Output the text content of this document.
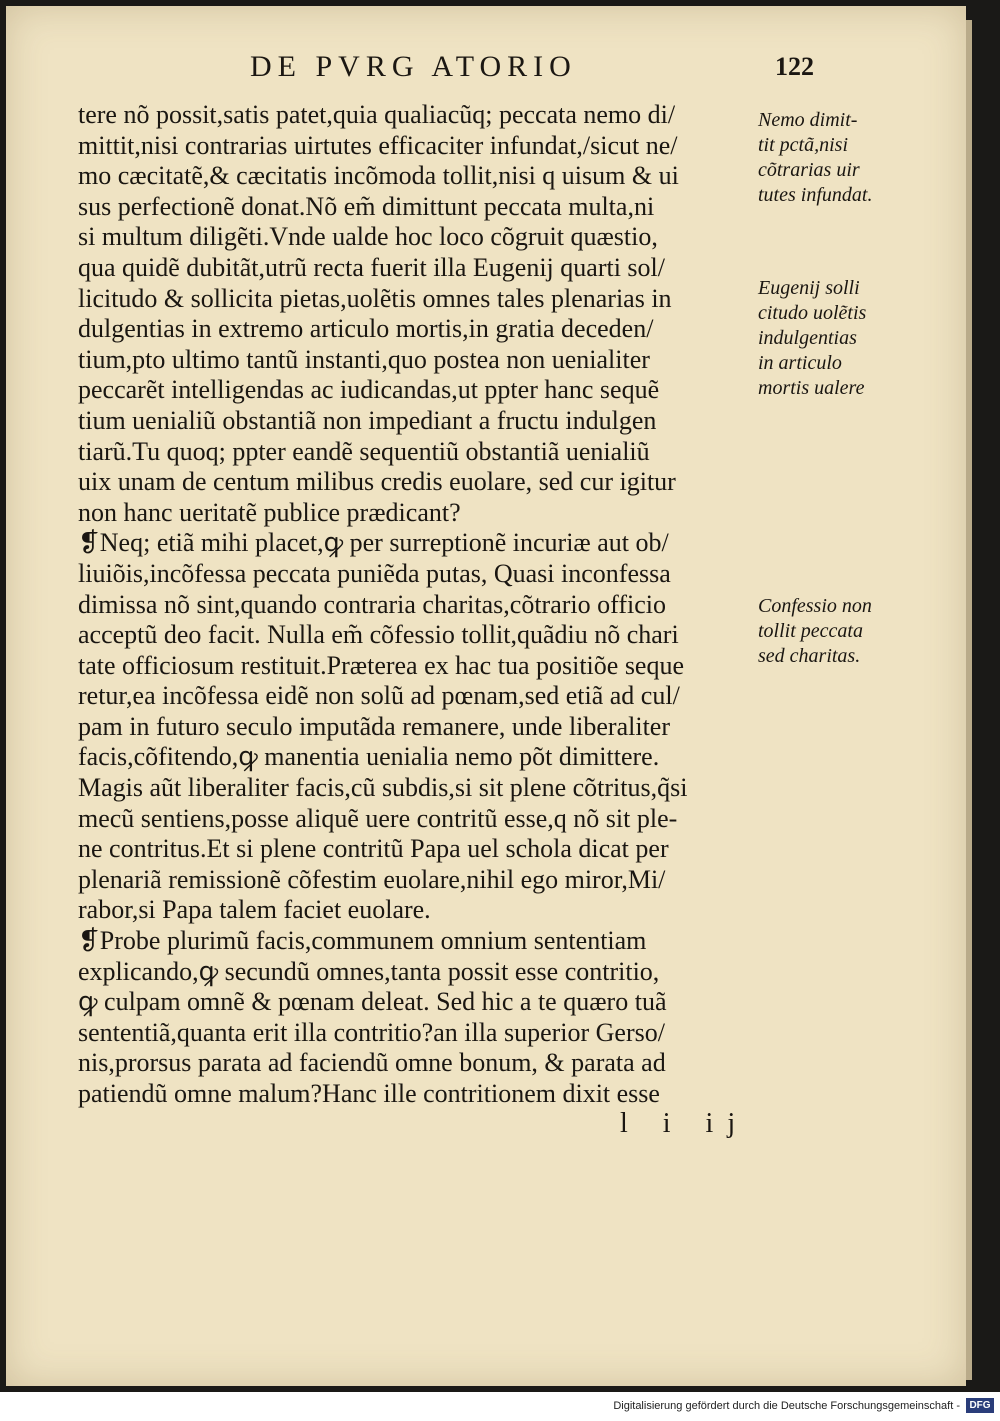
DE PVRG ATORIO	122
tere nõ possit,satis patet,quia qualiacũq; peccata nemo di/
mittit,nisi contrarias uirtutes efficaciter infundat,/sicut ne/
mo cæcitatẽ,& cæcitatis incõmoda tollit,nisi q uisum & ui
sus perfectionẽ donat.Nõ em̃ dimittunt peccata multa,ni
si multum diligẽti.Vnde ualde hoc loco cõgruit quæstio,
qua quidẽ dubitãt,utrũ recta fuerit illa Eugenij quarti sol/
licitudo & sollicita pietas,uolẽtis omnes tales plenarias in
dulgentias in extremo articulo mortis,in gratia deceden/
tium,pto ultimo tantũ instanti,quo postea non uenialiter
peccarẽt intelligendas ac iudicandas,ut ppter hanc sequẽ
tium uenialiũ obstantiã non impediant a fructu indulgen
tiarũ.Tu quoq; ppter eandẽ sequentiũ obstantiã uenialiũ
uix unam de centum milibus credis euolare, sed cur igitur
non hanc ueritatẽ publice prædicant?
❡Neq; etiã mihi placet,ꝙ per surreptionẽ incuriæ aut ob/
liuiõis,incõfessa peccata puniẽda putas, Quasi inconfessa
dimissa nõ sint,quando contraria charitas,cõtrario officio
acceptũ deo facit. Nulla em̃ cõfessio tollit,quãdiu nõ chari
tate officiosum restituit.Præterea ex hac tua positiõe seque
retur,ea incõfessa eidẽ non solũ ad pœnam,sed etiã ad cul/
pam in futuro seculo imputãda remanere, unde liberaliter
facis,cõfitendo,ꝙ manentia uenialia nemo põt dimittere.
Magis aũt liberaliter facis,cũ subdis,si sit plene cõtritus,q̃si
mecũ sentiens,posse aliquẽ uere contritũ esse,q nõ sit ple-
ne contritus.Et si plene contritũ Papa uel schola dicat per
plenariã remissionẽ cõfestim euolare,nihil ego miror,Mi/
rabor,si Papa talem faciet euolare.
❡Probe plurimũ facis,communem omnium sententiam
explicando,ꝙ secundũ omnes,tanta possit esse contritio,
ꝙ culpam omnẽ & pœnam deleat. Sed hic a te quæro tuã
sententiã,quanta erit illa contritio?an illa superior Gerso/
nis,prorsus parata ad faciendũ omne bonum, & parata ad
patiendũ omne malum?Hanc ille contritionem dixit esse
Nemo dimit-
tit pctã,nisi
cõtrarias uir
tutes infundat.
Eugenij solli
citudo uolẽtis
indulgentias
in articulo
mortis ualere
Confessio non
tollit peccata
sed charitas.
l i ij
Digitalisierung gefördert durch die Deutsche Forschungsgemeinschaft - DFG
